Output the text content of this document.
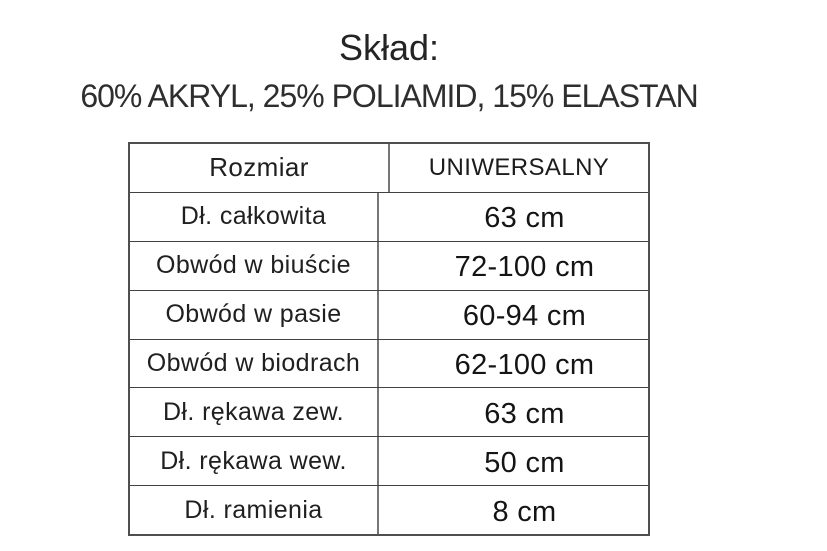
Skład:
60% AKRYL, 25% POLIAMID, 15% ELASTAN
Rozmiar	UNIWERSALNY
Dł. całkowita	63 cm
Obwód w biuście	72-100 cm
Obwód w pasie	60-94 cm
Obwód w biodrach	62-100 cm
Dł. rękawa zew.	63 cm
Dł. rękawa wew.	50 cm
Dł. ramienia	8 cm
